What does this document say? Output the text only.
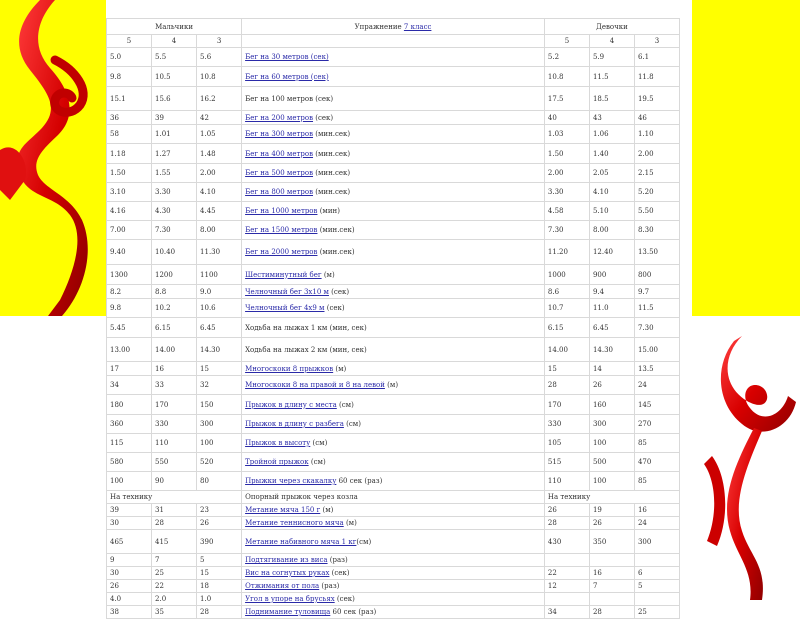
Мальчики			Упражнение 7 класс	Девочки		
5	4	3		5	4	3
5.0	5.5	5.6	Бег на 30 метров (сек)	5.2	5.9	6.1
9.8	10.5	10.8	Бег на 60 метров (сек)	10.8	11.5	11.8
15.1	15.6	16.2	Бег на 100 метров (сек)	17.5	18.5	19.5
36	39	42	Бег на 200 метров (сек)	40	43	46
58	1.01	1.05	Бег на 300 метров (мин.сек)	1.03	1.06	1.10
1.18	1.27	1.48	Бег на 400 метров (мин.сек)	1.50	1.40	2.00
1.50	1.55	2.00	Бег на 500 метров (мин.сек)	2.00	2.05	2.15
3.10	3.30	4.10	Бег на 800 метров (мин.сек)	3.30	4.10	5.20
4.16	4.30	4.45	Бег на 1000 метров (мин)	4.58	5.10	5.50
7.00	7.30	8.00	Бег на 1500 метров (мин.сек)	7.30	8.00	8.30
9.40	10.40	11.30	Бег на 2000 метров (мин.сек)	11.20	12.40	13.50
1300	1200	1100	Шестиминутный бег (м)	1000	900	800
8.2	8.8	9.0	Челночный бег 3х10 м (сек)	8.6	9.4	9.7
9.8	10.2	10.6	Челночный бег 4х9 м (сек)	10.7	11.0	11.5
5.45	6.15	6.45	Ходьба на лыжах 1 км (мин, сек)	6.15	6.45	7.30
13.00	14.00	14.30	Ходьба на лыжах 2 км (мин, сек)	14.00	14.30	15.00
17	16	15	Многоскоки 8 прыжков (м)	15	14	13.5
34	33	32	Многоскоки 8 на правой и 8 на левой (м)	28	26	24
180	170	150	Прыжок в длину с места (см)	170	160	145
360	330	300	Прыжок в длину с разбега (см)	330	300	270
115	110	100	Прыжок в высоту (см)	105	100	85
580	550	520	Тройной прыжок (см)	515	500	470
100	90	80	Прыжки через скакалку 60 сек (раз)	110	100	85
На технику			Опорный прыжок через козла	На технику		
39	31	23	Метание мяча 150 г (м)	26	19	16
30	28	26	Метание теннисного мяча (м)	28	26	24
465	415	390	Метание набивного мяча 1 кг(см)	430	350	300
9	7	5	Подтягивание из виса (раз)			
30	25	15	Вис на согнутых руках (сек)	22	16	6
26	22	18	Отжимания от пола (раз)	12	7	5
4.0	2.0	1.0	Угол в упоре на брусьях (сек)			
38	35	28	Поднимание туловища 60 сек (раз)	34	28	25
